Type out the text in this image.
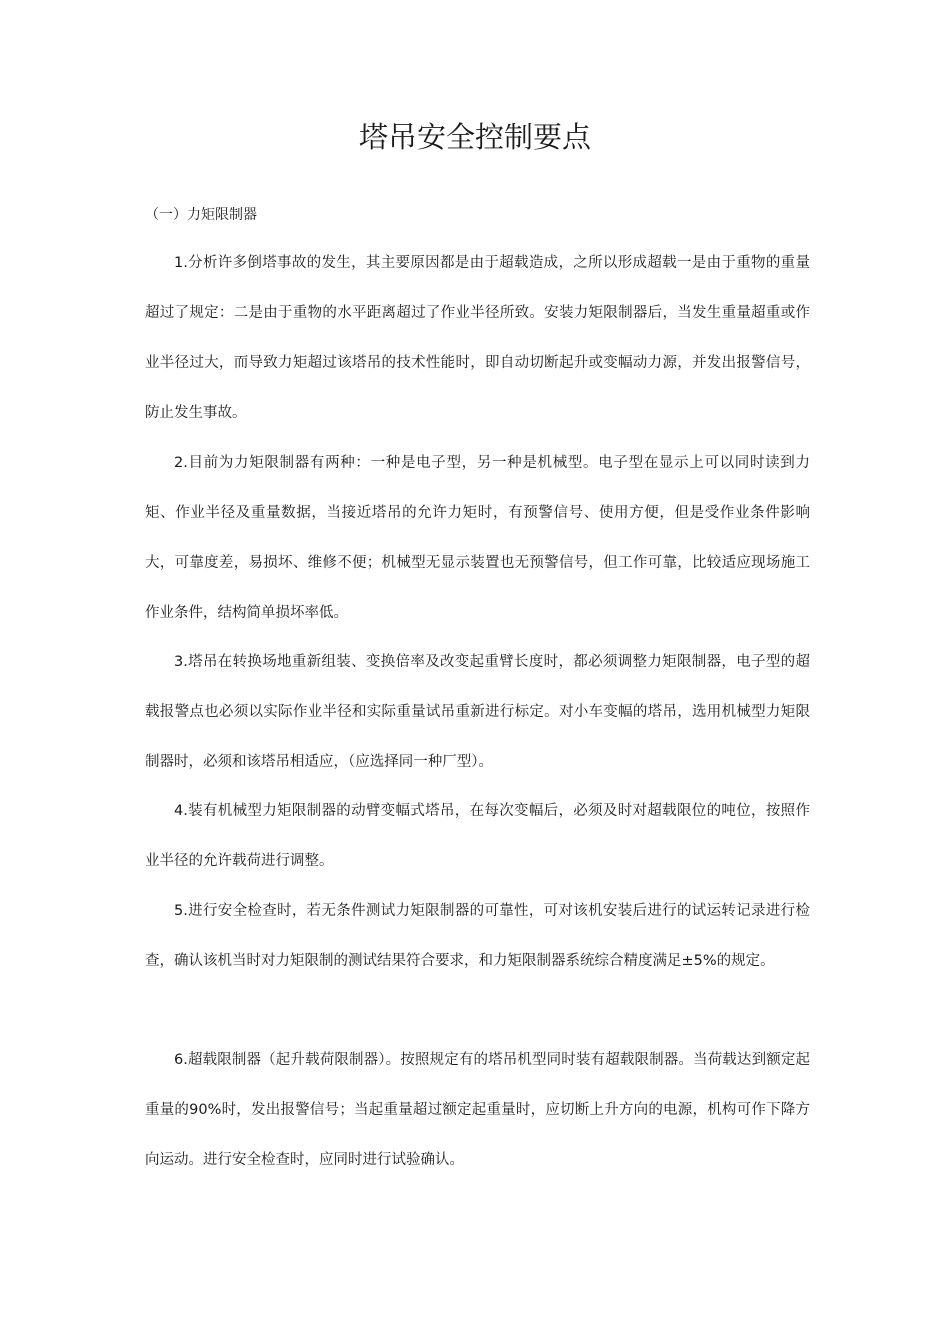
塔吊安全控制要点

（一）力矩限制器

1.分析许多倒塔事故的发生，其主要原因都是由于超载造成，之所以形成超载一是由于重物的重量超过了规定：二是由于重物的水平距离超过了作业半径所致。安装力矩限制器后，当发生重量超重或作业半径过大，而导致力矩超过该塔吊的技术性能时，即自动切断起升或变幅动力源，并发出报警信号，防止发生事故。

2.目前为力矩限制器有两种：一种是电子型，另一种是机械型。电子型在显示上可以同时读到力矩、作业半径及重量数据，当接近塔吊的允许力矩时，有预警信号、使用方便，但是受作业条件影响大，可靠度差，易损坏、维修不便；机械型无显示装置也无预警信号，但工作可靠，比较适应现场施工作业条件，结构简单损坏率低。

3.塔吊在转换场地重新组装、变换倍率及改变起重臂长度时，都必须调整力矩限制器，电子型的超载报警点也必须以实际作业半径和实际重量试吊重新进行标定。对小车变幅的塔吊，选用机械型力矩限制器时，必须和该塔吊相适应，（应选择同一种厂型）。

4.装有机械型力矩限制器的动臂变幅式塔吊，在每次变幅后，必须及时对超载限位的吨位，按照作业半径的允许载荷进行调整。

5.进行安全检查时，若无条件测试力矩限制器的可靠性，可对该机安装后进行的试运转记录进行检查，确认该机当时对力矩限制的测试结果符合要求，和力矩限制器系统综合精度满足±5%的规定。

6.超载限制器（起升载荷限制器）。按照规定有的塔吊机型同时装有超载限制器。当荷载达到额定起重量的90%时，发出报警信号；当起重量超过额定起重量时，应切断上升方向的电源，机构可作下降方向运动。进行安全检查时，应同时进行试验确认。
